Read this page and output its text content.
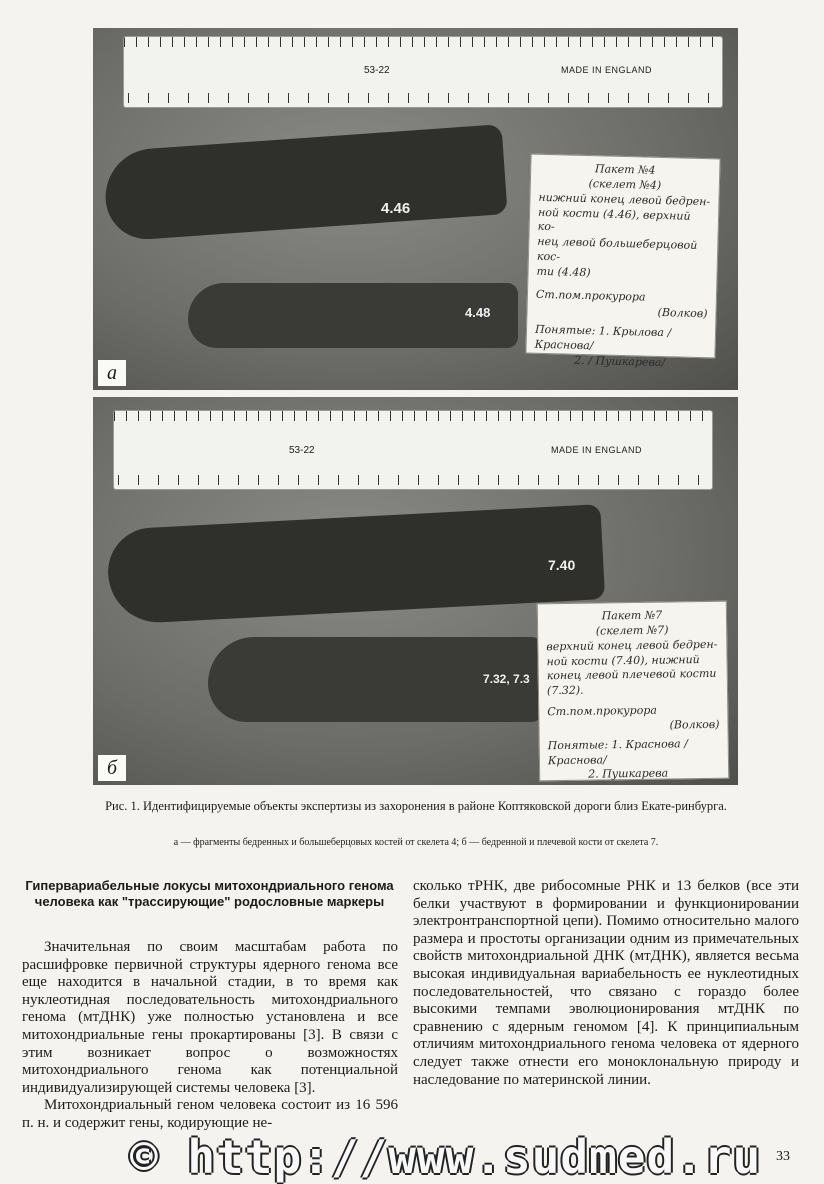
53-22	MADE IN ENGLAND
4.46
4.48
Пакет №4
(скелет №4)
нижний конец левой бедрен-
ной кости (4.46), верхний ко-
нец левой большеберцовой кос-
ти (4.48)
Ст.пом.прокурора
(Волков)
Понятые: 1. Крылова / Краснова/
2. / Пушкарева/
а
53-22	MADE IN ENGLAND
7.40
7.32, 7.3
Пакет №7
(скелет №7)
верхний конец левой бедрен-
ной кости (7.40), нижний
конец левой плечевой кости
(7.32).
Ст.пом.прокурора
(Волков)
Понятые: 1. Краснова / Краснова/
2. Пушкарева
б
Рис. 1. Идентифицируемые объекты экспертизы из захоронения в районе Коптяковской дороги близ Екате-ринбурга.
а — фрагменты бедренных и большеберцовых костей от скелета 4; б — бедренной и плечевой кости от скелета 7.
Гипервариабельные локусы митохондриального генома человека как "трассирующие" родословные маркеры

Значительная по своим масштабам работа по расшифровке первичной структуры ядерного генома все еще находится в начальной стадии, в то время как нуклеотидная последовательность митохондриального генома (мтДНК) уже полностью установлена и все митохондриальные гены прокартированы [3]. В связи с этим возникает вопрос о возможностях митохондриального генома как потенциальной индивидуализирующей системы человека [3].

Митохондриальный геном человека состоит из 16 596 п. н. и содержит гены, кодирующие не-

сколько тРНК, две рибосомные РНК и 13 белков (все эти белки участвуют в формировании и функционировании электронтранспортной цепи). Помимо относительно малого размера и простоты организации одним из примечательных свойств митохондриальной ДНК (мтДНК), является весьма высокая индивидуальная вариабельность ее нуклеотидных последовательностей, что связано с гораздо более высокими темпами эволюционирования мтДНК по сравнению с ядерным геномом [4]. К принципиальным отличиям митохондриального генома человека от ядерного следует также отнести его моноклональную природу и наследование по материнской линии.

© http://www.sudmed.ru 33
